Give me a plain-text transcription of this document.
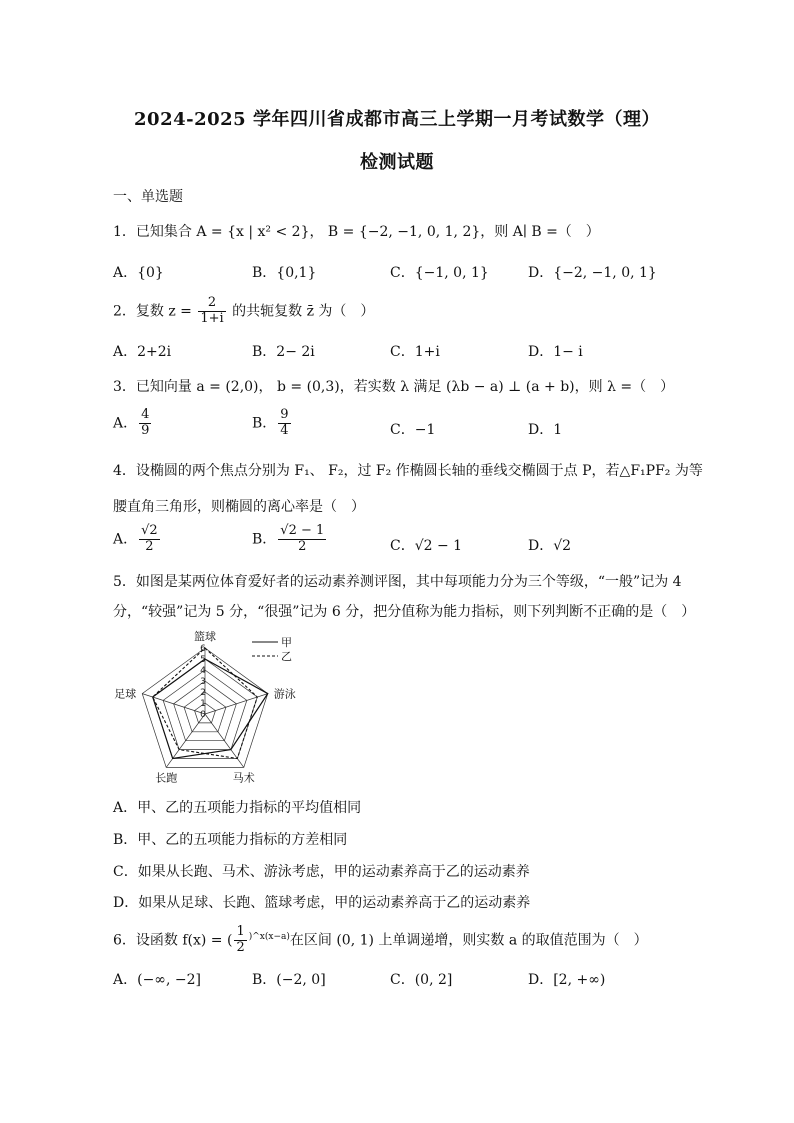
2024-2025 学年四川省成都市高三上学期一月考试数学（理）
检测试题
一、单选题
1．已知集合 A = {x | x² < 2}， B = {−2, −1, 0, 1, 2}，则 A∣ B =（　）
A．{0}	B．{0,1}	C．{−1, 0, 1}	D．{−2, −1, 0, 1}
2．复数 $z = \frac{2}{1+i}$ 的共轭复数 z̄ 为（　）
A．2+2i	B．2− 2i	C．1+i	D．1− i
3．已知向量 a = (2,0)， b = (0,3)，若实数 λ 满足 (λb − a) ⊥ (a + b)，则 λ =（　）
A． $\frac{4}{9}$	B． $\frac{9}{4}$	C．−1	D．1
4．设椭圆的两个焦点分别为 F₁、 F₂，过 F₂ 作椭圆长轴的垂线交椭圆于点 P，若△F₁PF₂ 为等
腰直角三角形，则椭圆的离心率是（　）
A． $\frac{√2}{2}$	B． $\frac{√2 - 1}{2}$	C．√2 − 1	D．√2
5．如图是某两位体育爱好者的运动素养测评图，其中每项能力分为三个等级，“一般”记为 4
分，“较强”记为 5 分，“很强”记为 6 分，把分值称为能力指标，则下列判断不正确的是（　）
0
1
2
3
4
5
6
篮球
游泳
马术
长跑
足球
甲
乙
A．甲、乙的五项能力指标的平均值相同
B．甲、乙的五项能力指标的方差相同
C．如果从长跑、马术、游泳考虑，甲的运动素养高于乙的运动素养
D．如果从足球、长跑、篮球考虑，甲的运动素养高于乙的运动素养
6．设函数 f(x) = ( $\frac{1}{2} ^{)\^{}x(x-a)}$在区间 (0, 1) 上单调递增，则实数 a 的取值范围为（　）
A．(−∞, −2]	B．(−2, 0]	C．(0, 2]	D．[2, +∞)
